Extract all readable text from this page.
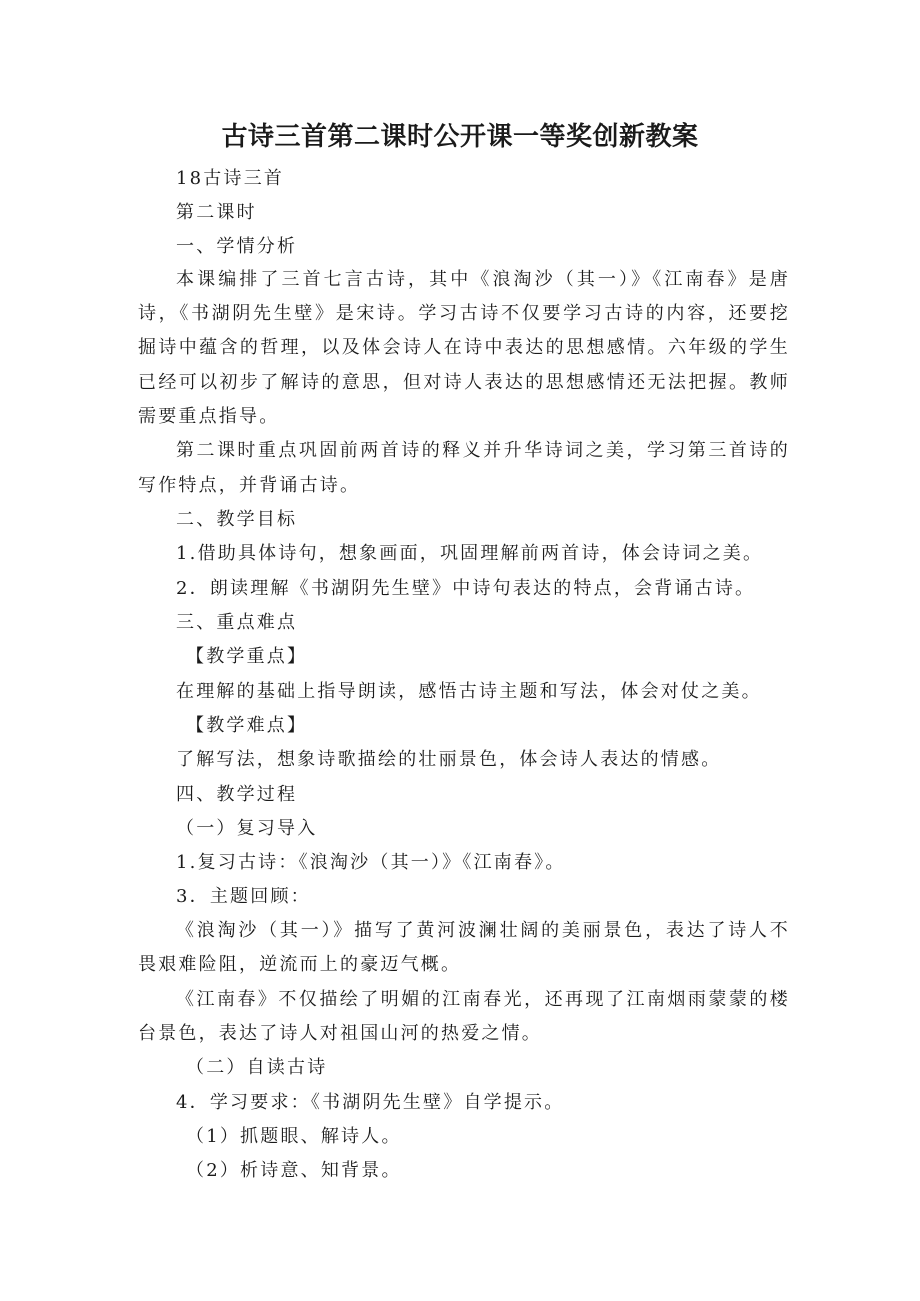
古诗三首第二课时公开课一等奖创新教案
18古诗三首
第二课时
一、学情分析
本课编排了三首七言古诗，其中《浪淘沙（其一）》《江南春》是唐
诗，《书湖阴先生壁》是宋诗。学习古诗不仅要学习古诗的内容，还要挖
掘诗中蕴含的哲理，以及体会诗人在诗中表达的思想感情。六年级的学生
已经可以初步了解诗的意思，但对诗人表达的思想感情还无法把握。教师
需要重点指导。
第二课时重点巩固前两首诗的释义并升华诗词之美，学习第三首诗的
写作特点，并背诵古诗。
二、教学目标
1.借助具体诗句，想象画面，巩固理解前两首诗，体会诗词之美。
2．朗读理解《书湖阴先生壁》中诗句表达的特点，会背诵古诗。
三、重点难点
【教学重点】
在理解的基础上指导朗读，感悟古诗主题和写法，体会对仗之美。
【教学难点】
了解写法，想象诗歌描绘的壮丽景色，体会诗人表达的情感。
四、教学过程
（一）复习导入
1.复习古诗：《浪淘沙（其一）》《江南春》。
3．主题回顾：
《浪淘沙（其一）》描写了黄河波澜壮阔的美丽景色，表达了诗人不
畏艰难险阻，逆流而上的豪迈气概。
《江南春》不仅描绘了明媚的江南春光，还再现了江南烟雨蒙蒙的楼
台景色，表达了诗人对祖国山河的热爱之情。
（二）自读古诗
4．学习要求：《书湖阴先生壁》自学提示。
（1）抓题眼、解诗人。
（2）析诗意、知背景。
